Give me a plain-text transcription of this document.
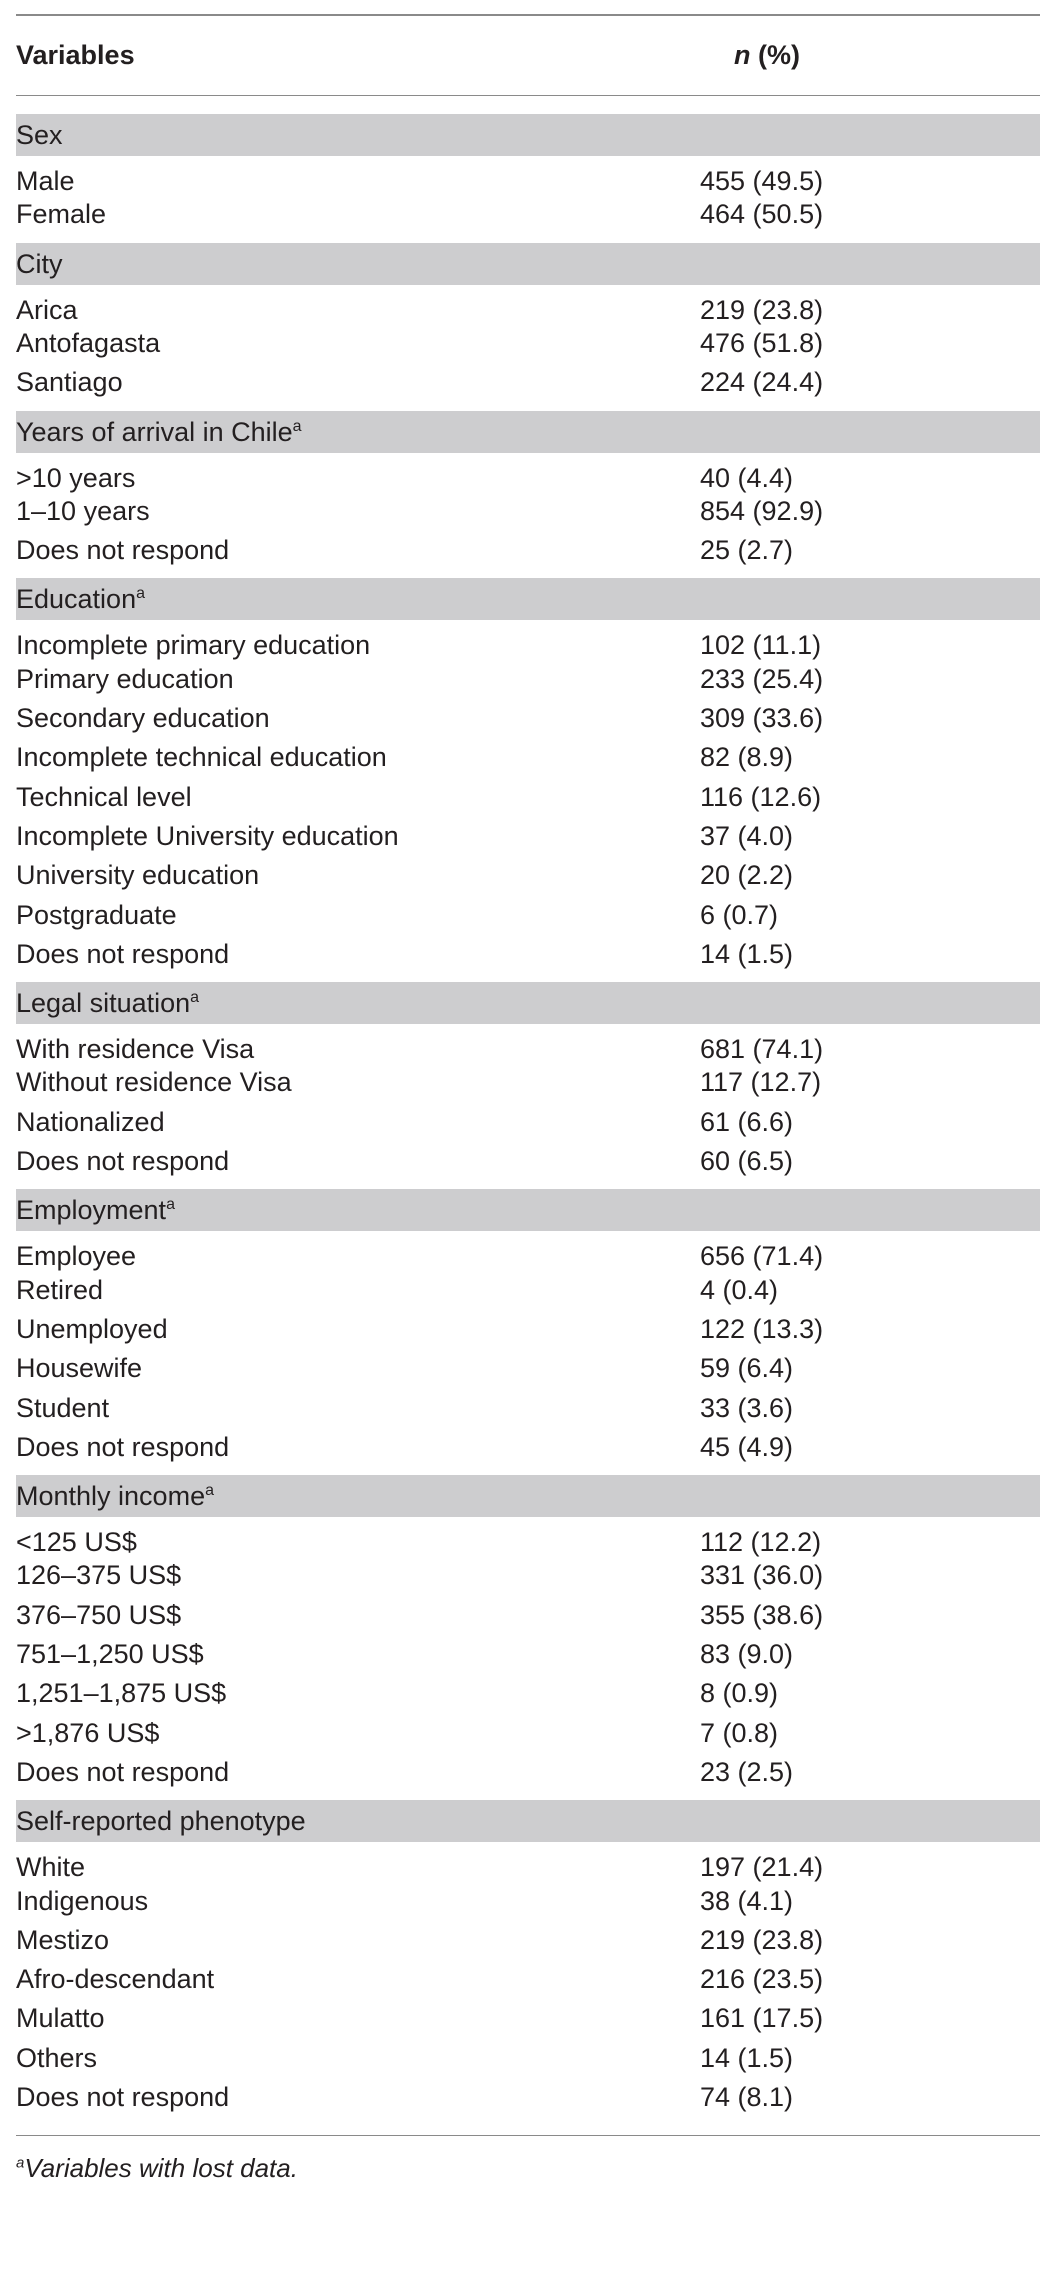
Variables	n (%)
Sex
Male	455 (49.5)
Female	464 (50.5)
City
Arica	219 (23.8)
Antofagasta	476 (51.8)
Santiago	224 (24.4)
Years of arrival in Chile$^a$
>10 years	40 (4.4)
1–10 years	854 (92.9)
Does not respond	25 (2.7)
Education$^a$
Incomplete primary education	102 (11.1)
Primary education	233 (25.4)
Secondary education	309 (33.6)
Incomplete technical education	82 (8.9)
Technical level	116 (12.6)
Incomplete University education	37 (4.0)
University education	20 (2.2)
Postgraduate	6 (0.7)
Does not respond	14 (1.5)
Legal situation$^a$
With residence Visa	681 (74.1)
Without residence Visa	117 (12.7)
Nationalized	61 (6.6)
Does not respond	60 (6.5)
Employment$^a$
Employee	656 (71.4)
Retired	4 (0.4)
Unemployed	122 (13.3)
Housewife	59 (6.4)
Student	33 (3.6)
Does not respond	45 (4.9)
Monthly income$^a$
<125 US$	112 (12.2)
126–375 US$	331 (36.0)
376–750 US$	355 (38.6)
751–1,250 US$	83 (9.0)
1,251–1,875 US$	8 (0.9)
>1,876 US$	7 (0.8)
Does not respond	23 (2.5)
Self-reported phenotype
White	197 (21.4)
Indigenous	38 (4.1)
Mestizo	219 (23.8)
Afro-descendant	216 (23.5)
Mulatto	161 (17.5)
Others	14 (1.5)
Does not respond	74 (8.1)
$^a$Variables with lost data.
